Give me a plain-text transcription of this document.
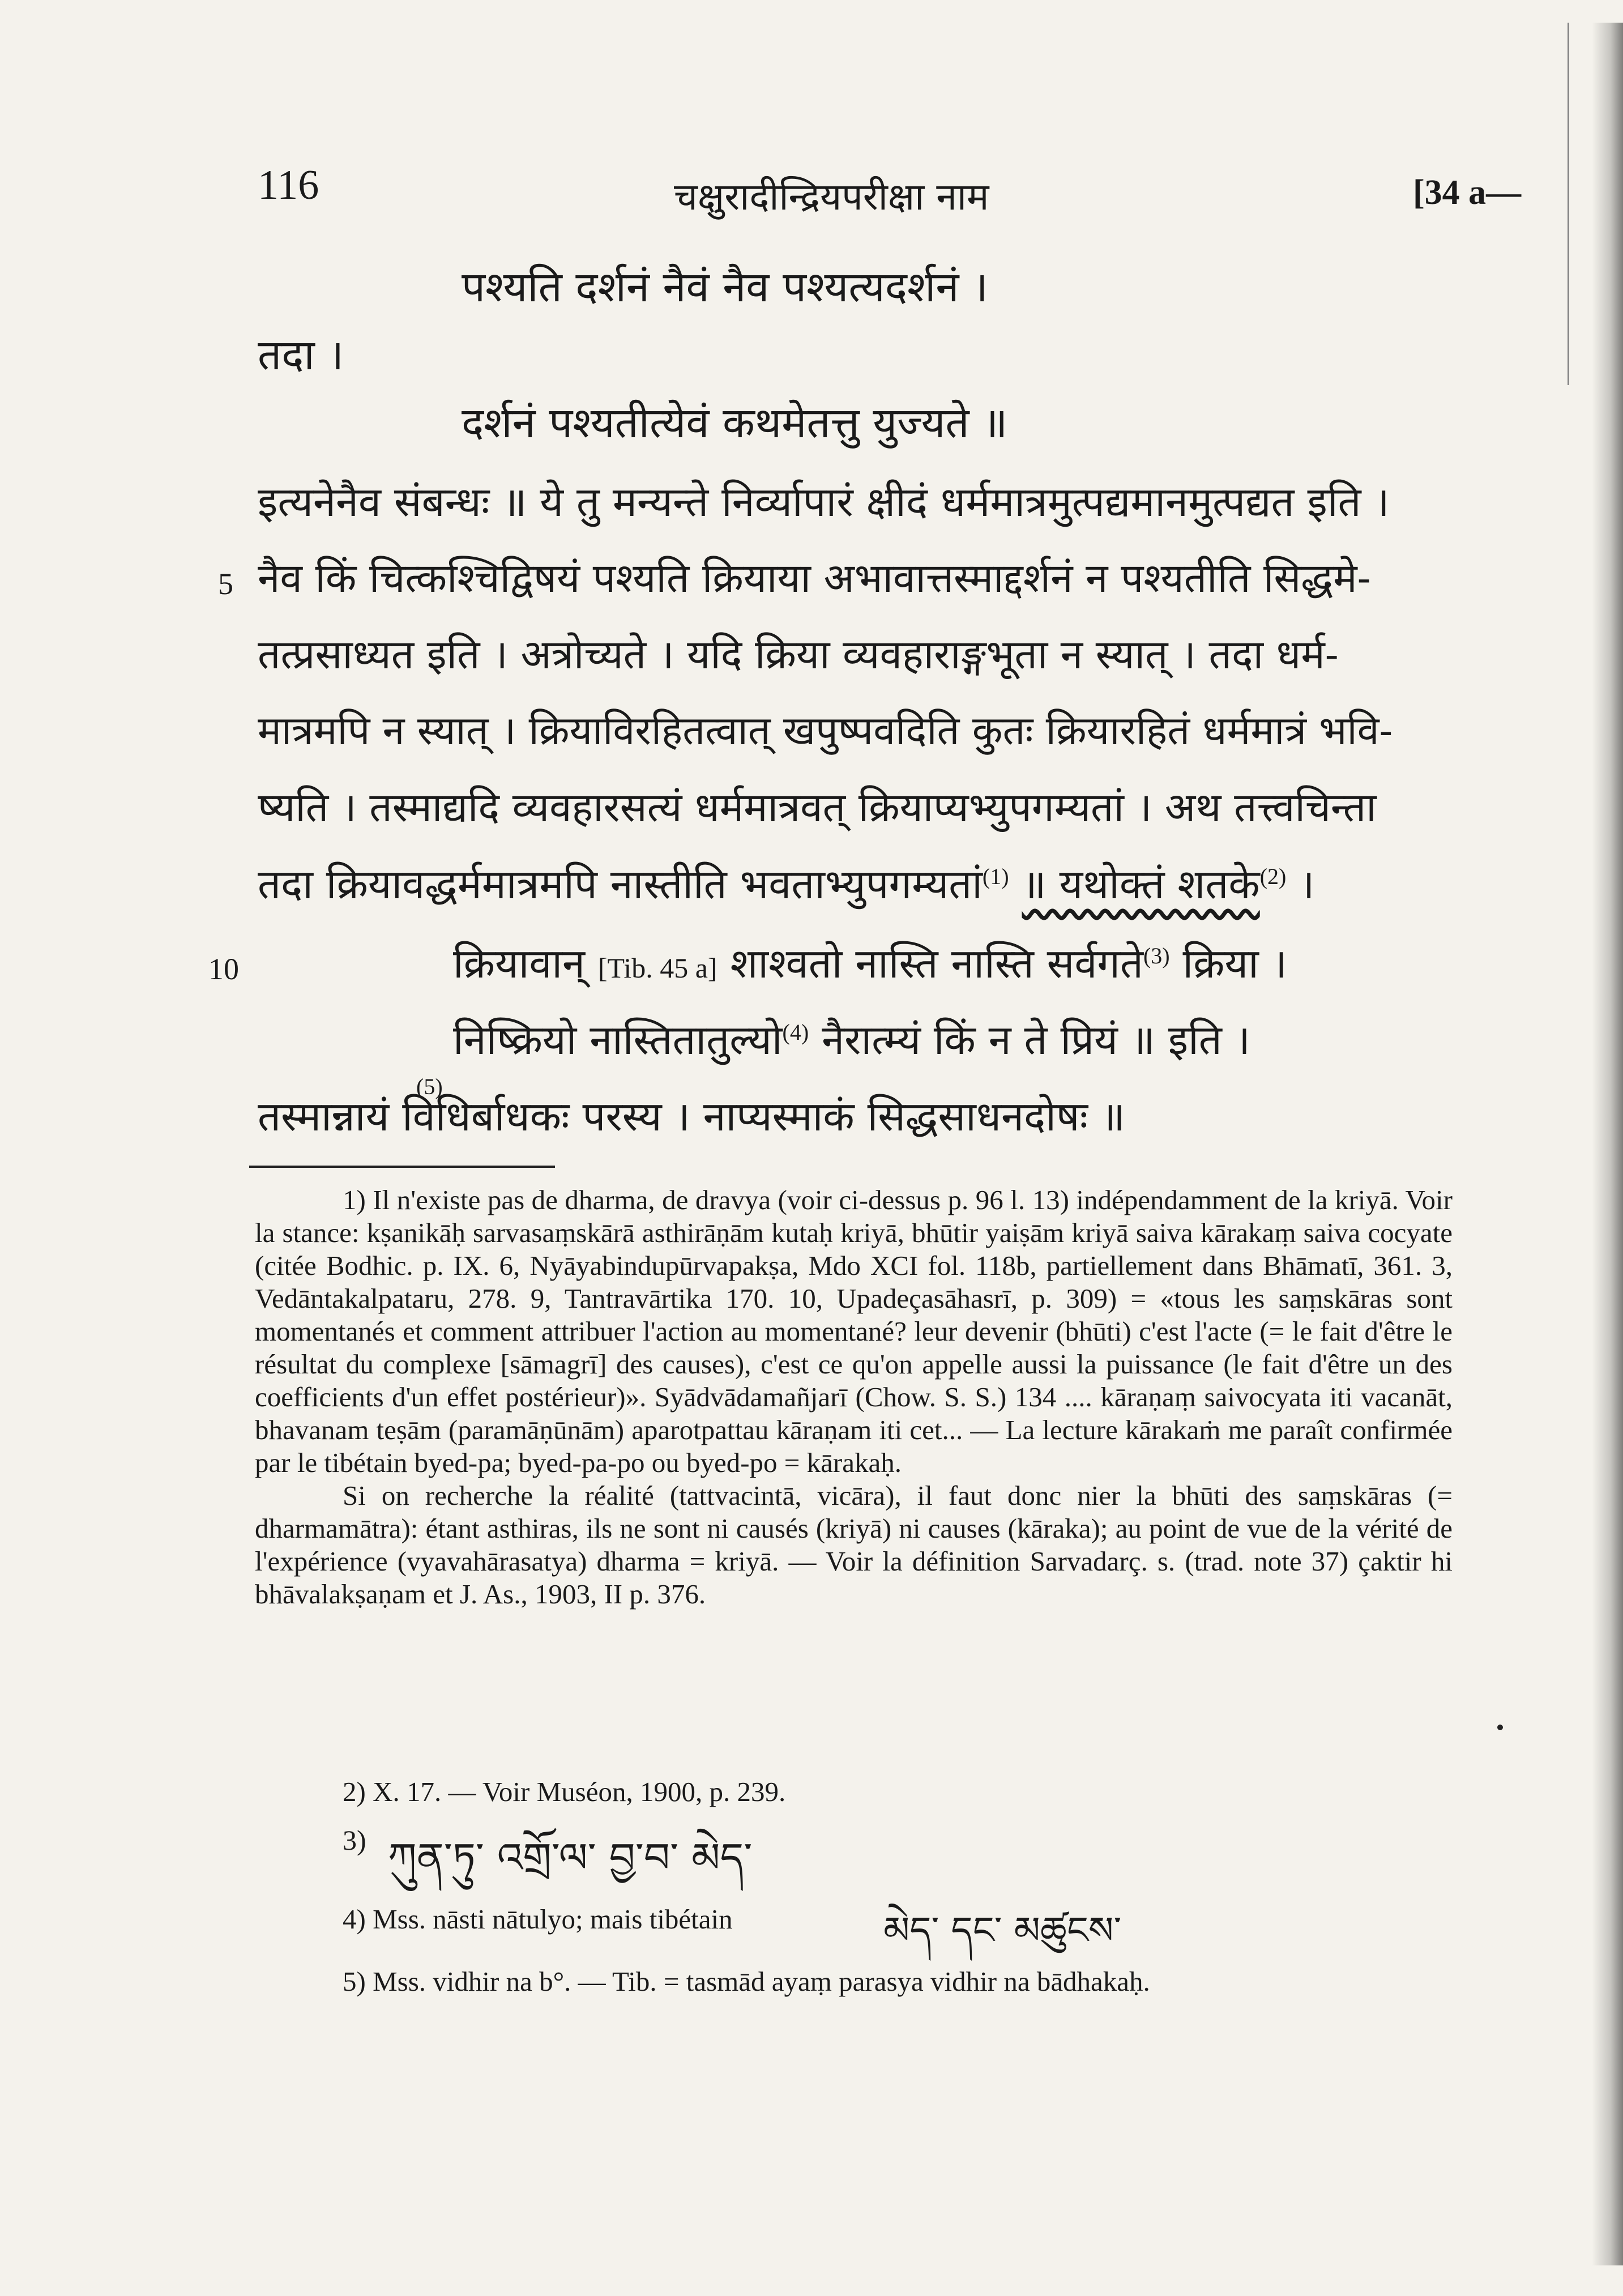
116	चक्षुरादीन्द्रियपरीक्षा नाम	[34 a—
पश्यति दर्शनं नैवं नैव पश्यत्यदर्शनं ।
तदा ।
दर्शनं पश्यतीत्येवं कथमेतत्तु युज्यते ॥
इत्यनेनैव संबन्धः ॥ ये तु मन्यन्ते निर्व्यापारं क्षीदं धर्ममात्रमुत्पद्यमानमुत्पद्यत इति ।
5 नैव किं चित्कश्चिद्विषयं पश्यति क्रियाया अभावात्तस्माद्दर्शनं न पश्यतीति सिद्धमे-
तत्प्रसाध्यत इति । अत्रोच्यते । यदि क्रिया व्यवहाराङ्गभूता न स्यात् । तदा धर्म-
मात्रमपि न स्यात् । क्रियाविरहितत्वात् खपुष्पवदिति कुतः क्रियारहितं धर्ममात्रं भवि-
ष्यति । तस्माद्यदि व्यवहारसत्यं धर्ममात्रवत् क्रियाप्यभ्युपगम्यतां । अथ तत्त्वचिन्ता
तदा क्रियावद्धर्ममात्रमपि नास्तीति भवताभ्युपगम्यतां$^{(1)}$ ॥ यथोक्तं शतके$^{(2)}$ ।
10	क्रियावान् [Tib. 45 a] शाश्वतो नास्ति नास्ति सर्वगते$^{(3)}$ क्रिया ।
निष्क्रियो नास्तितातुल्यो$^{(4)}$ नैरात्म्यं किं न ते प्रियं ॥ इति ।
(5)
तस्मान्नायं विधिर्बाधकः परस्य । नाप्यस्माकं सिद्धसाधनदोषः ॥

1) Il n'existe pas de dharma, de dravya (voir ci-dessus p. 96 l. 13) indépendamment de la kriyā. Voir la stance: kṣanikāḥ sarvasaṃskārā asthirāṇām kutaḥ kriyā, bhūtir yaiṣām kriyā saiva kārakaṃ saiva cocyate (citée Bodhic. p. IX. 6, Nyāyabindupūrvapakṣa, Mdo XCI fol. 118b, partiellement dans Bhāmatī, 361. 3, Vedāntakalpataru, 278. 9, Tantravārtika 170. 10, Upadeçasāhasrī, p. 309) = «tous les saṃskāras sont momentanés et comment attribuer l'action au momentané? leur devenir (bhūti) c'est l'acte (= le fait d'être le résultat du complexe [sāmagrī] des causes), c'est ce qu'on appelle aussi la puissance (le fait d'être un des coefficients d'un effet postérieur)». Syādvādamañjarī (Chow. S. S.) 134 .... kāraṇaṃ saivocyata iti vacanāt, bhavanam teṣām (paramāṇūnām) aparotpattau kāraṇam iti cet... — La lecture kārakaṁ me paraît confirmée par le tibétain byed-pa; byed-pa-po ou byed-po = kārakaḥ.

Si on recherche la réalité (tattvacintā, vicāra), il faut donc nier la bhūti des saṃskāras (= dharmamātra): étant asthiras, ils ne sont ni causés (kriyā) ni causes (kāraka); au point de vue de la vérité de l'expérience (vyavahārasatya) dharma = kriyā. — Voir la définition Sarvadarç. s. (trad. note 37) çaktir hi bhāvalakṣaṇam et J. As., 1903, II p. 376.

2) X. 17. — Voir Muséon, 1900, p. 239.
3) ཀུན་ཏུ་ འགྲོ་ལ་ བྱ་བ་ མེད་
4) Mss. nāsti nātulyo; mais tibétain	མེད་ དང་ མཚུངས་
5) Mss. vidhir na b°. — Tib. = tasmād ayaṃ parasya vidhir na bādhakaḥ.
